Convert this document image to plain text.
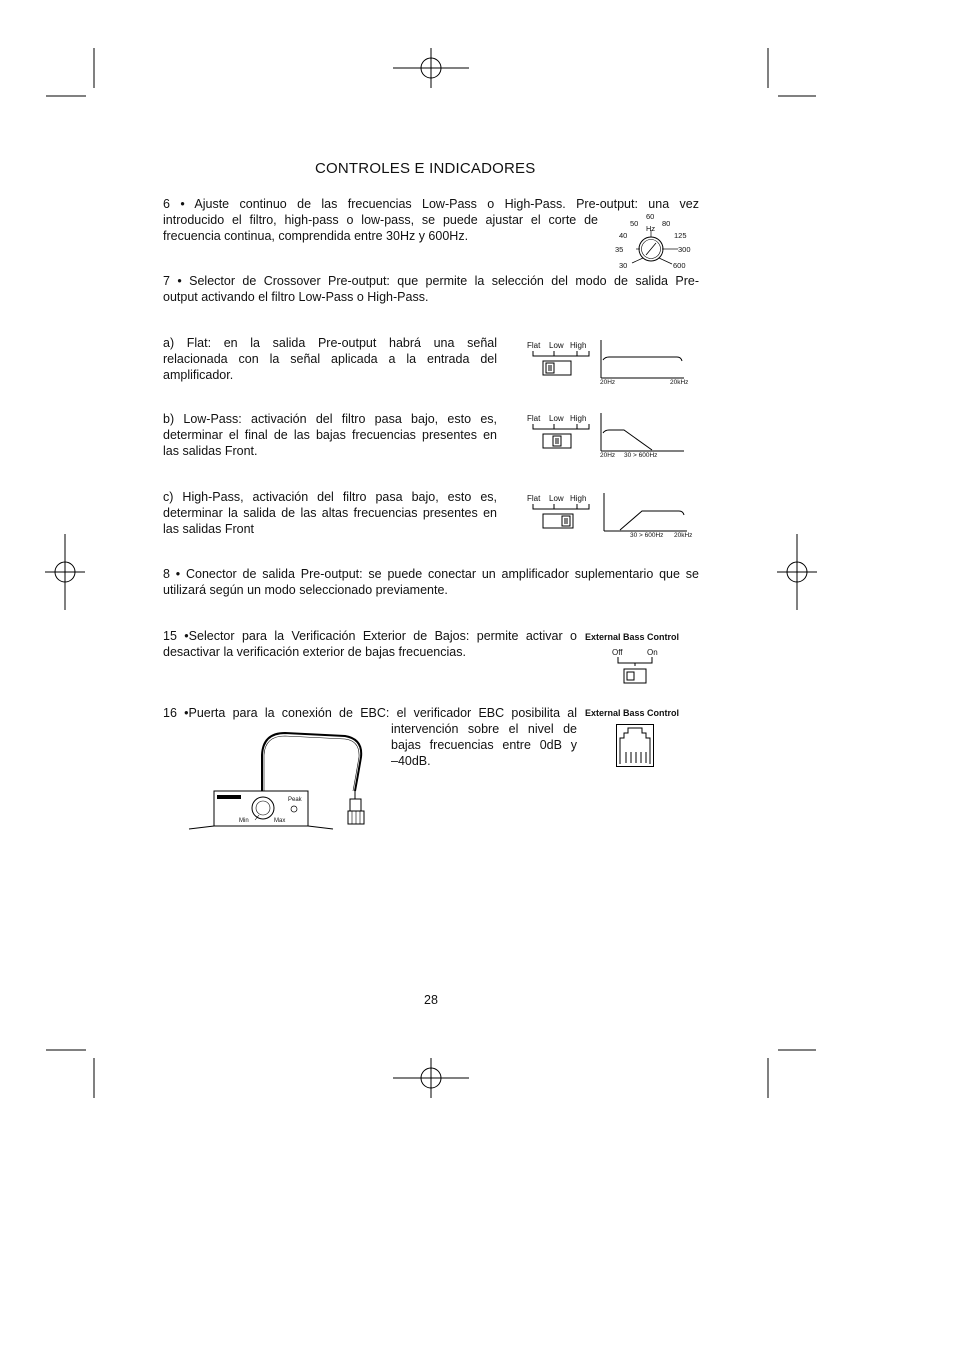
CONTROLES E INDICADORES
6 • Ajuste continuo de las frecuencias Low-Pass o High-Pass. Pre-output: una vez
introducido el filtro, high-pass o low-pass, se puede ajustar el corte de
frecuencia continua, comprendida entre 30Hz y 600Hz.
60
50	80
Hz
40	125
35	300
30	600
7 • Selector de Crossover Pre-output: que permite la selección del modo de salida Pre-
output activando el filtro Low-Pass o High-Pass.
a) Flat: en la salida Pre-output habrá una señal
relacionada con la señal aplicada a la entrada del
amplificador.
b) Low-Pass: activación del filtro pasa bajo, esto es,
determinar el final de las bajas frecuencias presentes en
las salidas Front.
c) High-Pass, activación del filtro pasa bajo, esto es,
determinar la salida de las altas frecuencias presentes en
las salidas Front
Flat Low High
Flat Low High
Flat Low High
20Hz	20kHz
20Hz 30 > 600Hz
30 > 600Hz 20kHz
8 • Conector de salida Pre-output: se puede conectar un amplificador suplementario que se
utilizará según un modo seleccionado previamente.
15 •Selector para la Verificación Exterior de Bajos: permite activar o
desactivar la verificación exterior de bajas frecuencias.
External Bass Control
Off	On
16 •Puerta para la conexión de EBC: el verificador EBC posibilita al
intervención sobre el nivel de
bajas frecuencias entre 0dB y
–40dB.
External Bass Control
Peak
Min	Max
28
